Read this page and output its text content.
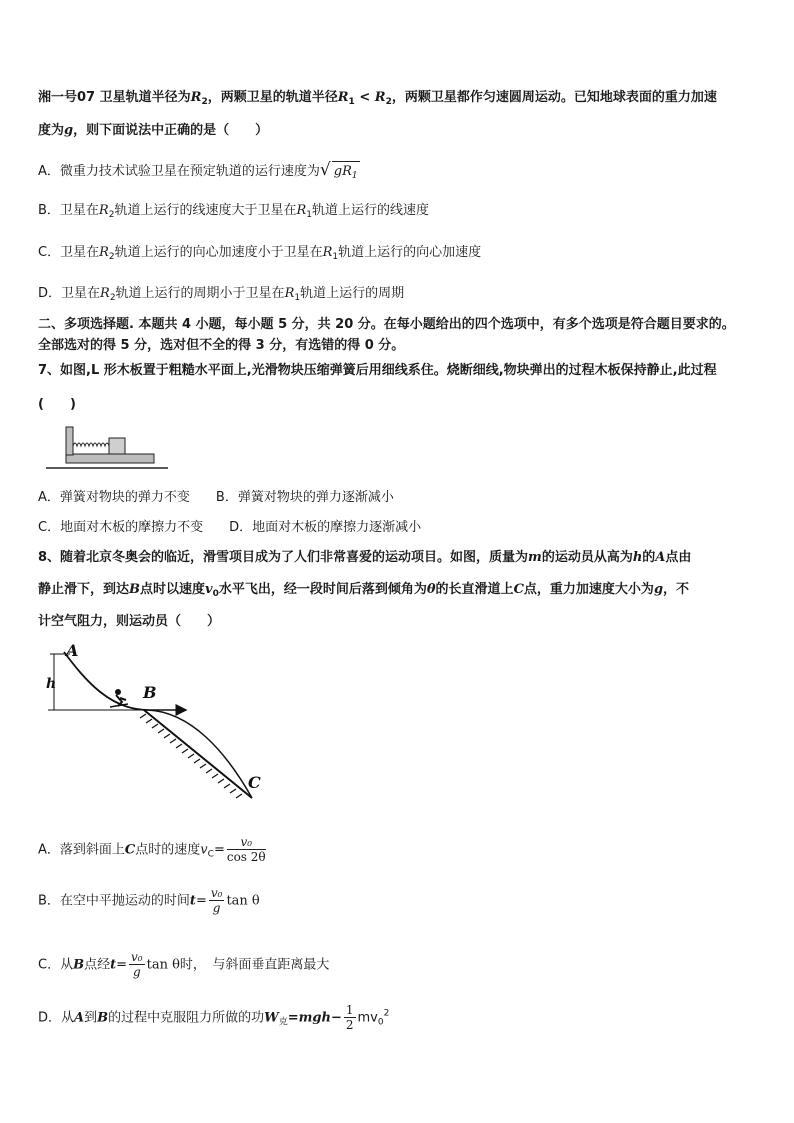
湘一号07 卫星轨道半径为$R_2$，两颗卫星的轨道半径$R_1 < R_2$，两颗卫星都作匀速圆周运动。已知地球表面的重力加速
度为g，则下面说法中正确的是（　　）
A．微重力技术试验卫星在预定轨道的运行速度为√ $gR_1$
B．卫星在$R_2$轨道上运行的线速度大于卫星在$R_1$轨道上运行的线速度
C．卫星在$R_2$轨道上运行的向心加速度小于卫星在$R_1$轨道上运行的向心加速度
D．卫星在$R_2$轨道上运行的周期小于卫星在$R_1$轨道上运行的周期
二、多项选择题. 本题共 4 小题，每小题 5 分，共 20 分。在每小题给出的四个选项中，有多个选项是符合题目要求的。
全部选对的得 5 分，选对但不全的得 3 分，有选错的得 0 分。
7、如图,L 形木板置于粗糙水平面上,光滑物块压缩弹簧后用细线系住。烧断细线,物块弹出的过程木板保持静止,此过程
(　　)
A．弹簧对物块的弹力不变 B．弹簧对物块的弹力逐渐减小
C．地面对木板的摩擦力不变 D．地面对木板的摩擦力逐渐减小
8、随着北京冬奥会的临近，滑雪项目成为了人们非常喜爱的运动项目。如图，质量为m的运动员从高为h的A点由
静止滑下，到达B点时以速度$v_0$水平飞出，经一段时间后落到倾角为θ的长直滑道上C点，重力加速度大小为g，不
计空气阻力，则运动员（　　）
h
A
B
C
A．落到斜面上C点时的速度$v_C= \frac{\text{v₀}}{\cos 2\theta}$
B．在空中平抛运动的时间$t= \frac{\text{v₀}}{g}$ tan θ
C．从B点经$t= \frac{\text{v₀}}{g}$ tan θ时，　与斜面垂直距离最大
D．从A到B的过程中克服阻力所做的功$W_克=mgh- \frac{1}{2} mv_0^2$
